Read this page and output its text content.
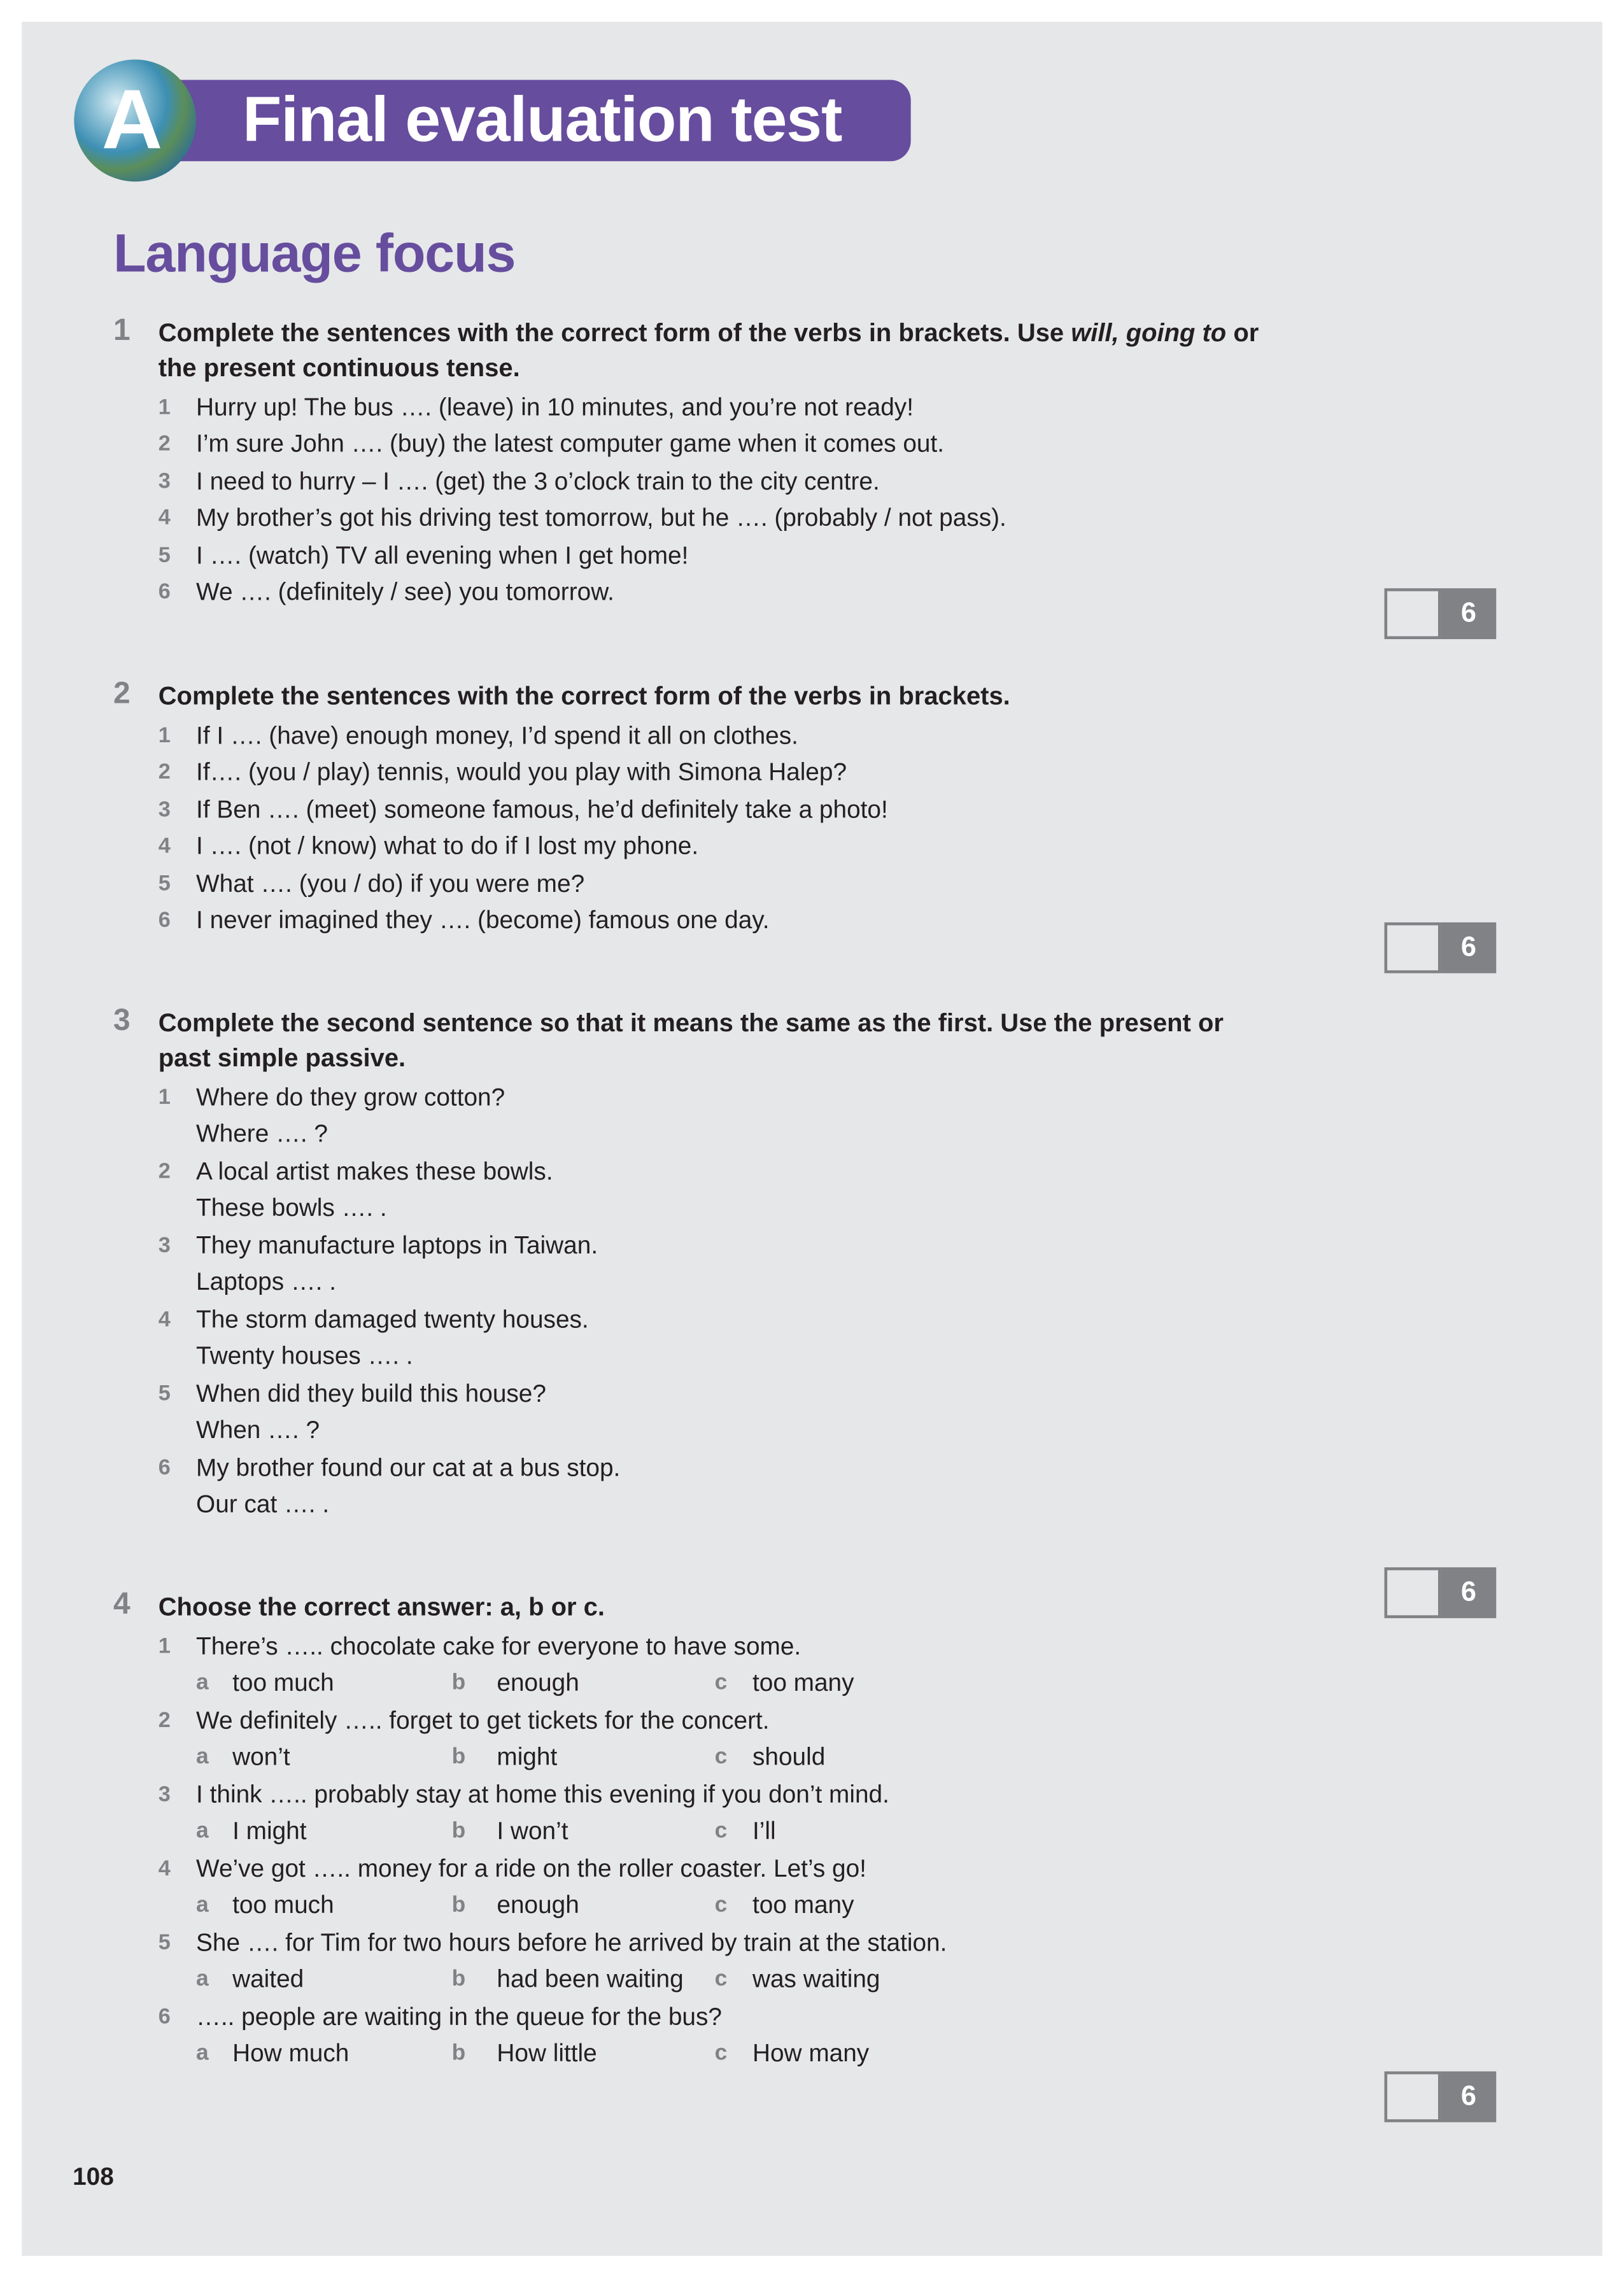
A	Final evaluation test
Language focus
1	Complete the sentences with the correct form of the verbs in brackets. Use will, going to or
the present continuous tense.
1 Hurry up! The bus …. (leave) in 10 minutes, and you’re not ready!
2 I’m sure John …. (buy) the latest computer game when it comes out.
3 I need to hurry – I …. (get) the 3 o’clock train to the city centre.
4 My brother’s got his driving test tomorrow, but he …. (probably / not pass).
5 I …. (watch) TV all evening when I get home!
6 We …. (definitely / see) you tomorrow.
6
2	Complete the sentences with the correct form of the verbs in brackets.
1 If I …. (have) enough money, I’d spend it all on clothes.
2 If…. (you / play) tennis, would you play with Simona Halep?
3 If Ben …. (meet) someone famous, he’d definitely take a photo!
4 I …. (not / know) what to do if I lost my phone.
5 What …. (you / do) if you were me?
6 I never imagined they …. (become) famous one day.
6
3	Complete the second sentence so that it means the same as the first. Use the present or
past simple passive.
1 Where do they grow cotton?
Where …. ?
2 A local artist makes these bowls.
These bowls …. .
3 They manufacture laptops in Taiwan.
Laptops …. .
4 The storm damaged twenty houses.
Twenty houses …. .
5 When did they build this house?
When …. ?
6 My brother found our cat at a bus stop.
Our cat …. .
6
4	Choose the correct answer: a, b or c.
1 There’s ….. chocolate cake for everyone to have some.
a too much	b	enough	c too many
2 We definitely ….. forget to get tickets for the concert.
a won’t	b	might	c should
3 I think ….. probably stay at home this evening if you don’t mind.
a I might	b	I won’t	c I’ll
4 We’ve got ….. money for a ride on the roller coaster. Let’s go!
a too much	b	enough	c too many
5 She …. for Tim for two hours before he arrived by train at the station.
a waited	b	had been waiting	c was waiting
6 ….. people are waiting in the queue for the bus?
a How much	b	How little	c How many
6
108
